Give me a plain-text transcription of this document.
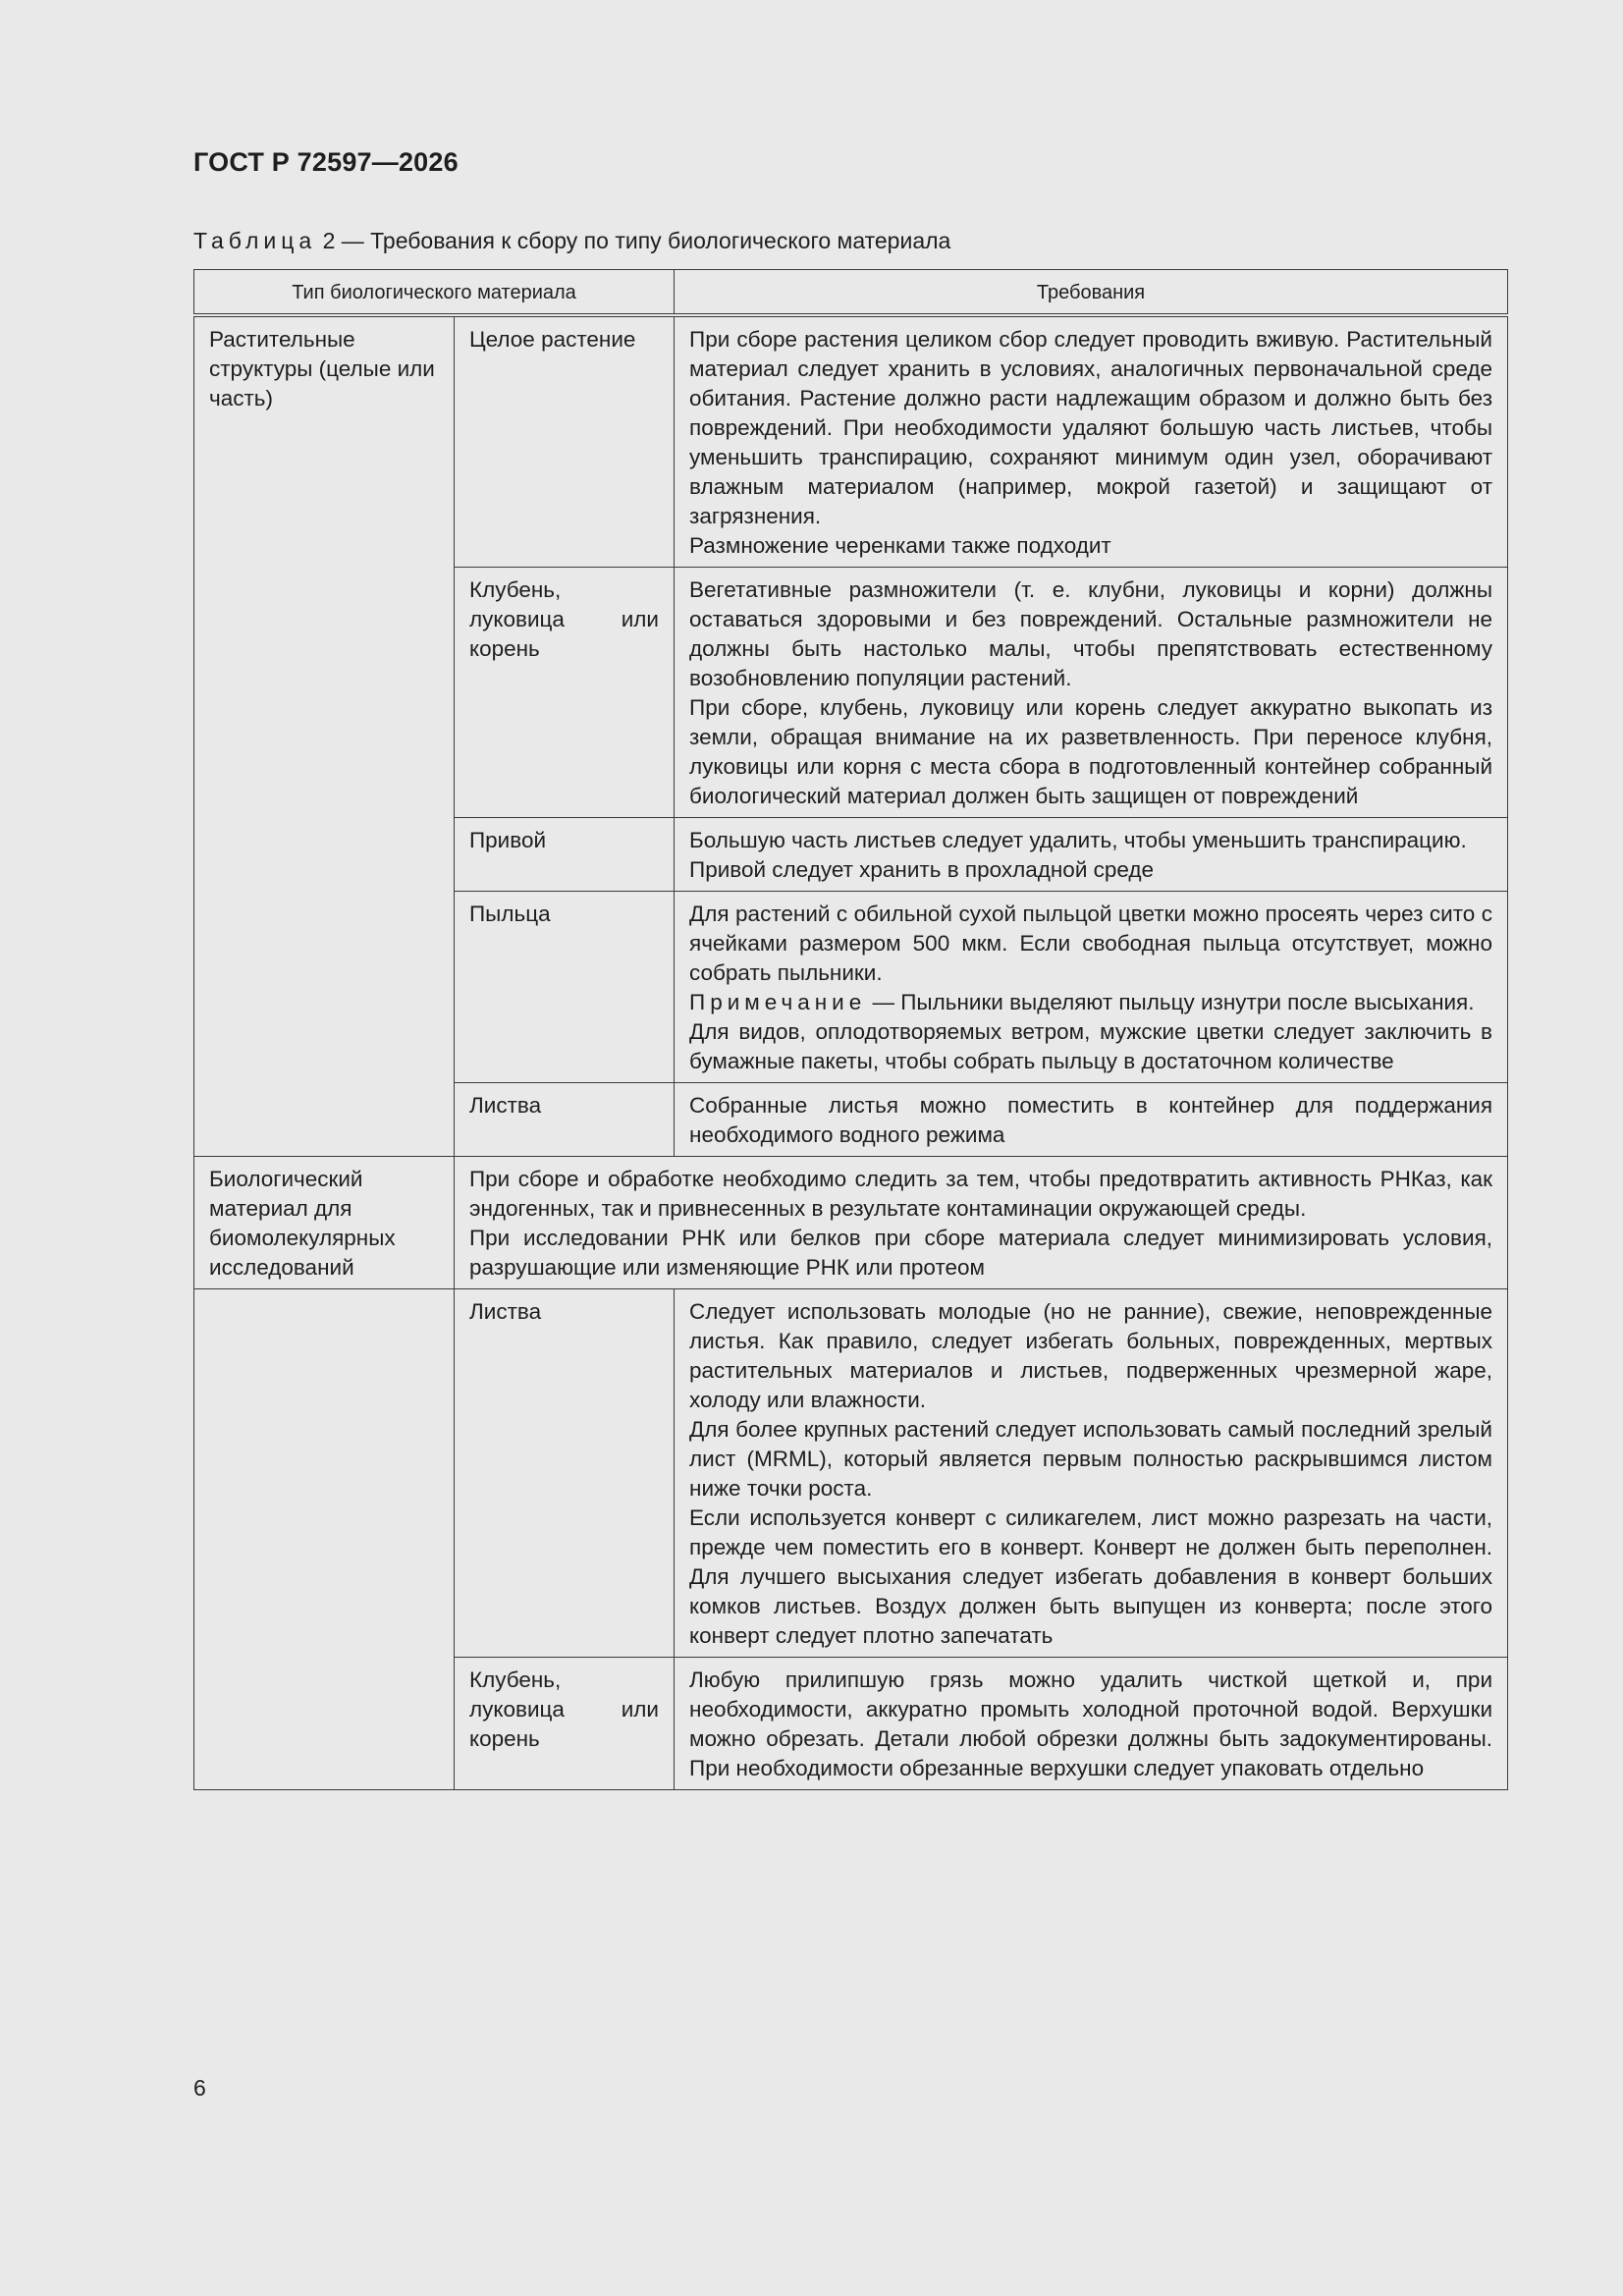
ГОСТ Р 72597—2026
Таблица 2 — Требования к сбору по типу биологического материала
Тип биологического материала		Требования
Растительные структуры (целые или часть)	Целое растение	При сборе растения целиком сбор следует проводить вживую. Растительный материал следует хранить в условиях, аналогичных первоначальной среде обитания. Растение должно расти надлежащим образом и должно быть без повреждений. При необходимости удаляют большую часть листьев, чтобы уменьшить транспирацию, сохраняют минимум один узел, оборачивают влажным материалом (например, мокрой газетой) и защищают от загрязнения.

Размножение черенками также подходит

	Клубень, луковица или корень	Вегетативные размножители (т. е. клубни, луковицы и корни) должны оставаться здоровыми и без повреждений. Остальные размножители не должны быть настолько малы, чтобы препятствовать естественному возобновлению популяции растений.

При сборе, клубень, луковицу или корень следует аккуратно выкопать из земли, обращая внимание на их разветвленность. При переносе клубня, луковицы или корня с места сбора в подготовленный контейнер собранный биологический материал должен быть защищен от повреждений

	Привой	Большую часть листьев следует удалить, чтобы уменьшить транспирацию.

Привой следует хранить в прохладной среде

	Пыльца	Для растений с обильной сухой пыльцой цветки можно просеять через сито с ячейками размером 500 мкм. Если свободная пыльца отсутствует, можно собрать пыльники.

Примечание — Пыльники выделяют пыльцу изнутри после высыхания.

Для видов, оплодотворяемых ветром, мужские цветки следует заключить в бумажные пакеты, чтобы собрать пыльцу в достаточном количестве

	Листва	Собранные листья можно поместить в контейнер для поддержания необходимого водного режима

Биологический материал для биомолекулярных исследований	При сборе и обработке необходимо следить за тем, чтобы предотвратить активность РНКаз, как эндогенных, так и привнесенных в результате контаминации окружающей среды.

При исследовании РНК или белков при сборе материала следует минимизировать условия, разрушающие или изменяющие РНК или протеом	

	Листва	Следует использовать молодые (но не ранние), свежие, неповрежденные листья. Как правило, следует избегать больных, поврежденных, мертвых растительных материалов и листьев, подверженных чрезмерной жаре, холоду или влажности.

Для более крупных растений следует использовать самый последний зрелый лист (MRML), который является первым полностью раскрывшимся листом ниже точки роста.

Если используется конверт с силикагелем, лист можно разрезать на части, прежде чем поместить его в конверт. Конверт не должен быть переполнен. Для лучшего высыхания следует избегать добавления в конверт больших комков листьев. Воздух должен быть выпущен из конверта; после этого конверт следует плотно запечатать

	Клубень, луковица или корень	Любую прилипшую грязь можно удалить чисткой щеткой и, при необходимости, аккуратно промыть холодной проточной водой. Верхушки можно обрезать. Детали любой обрезки должны быть задокументированы. При необходимости обрезанные верхушки следует упаковать отдельно

6
